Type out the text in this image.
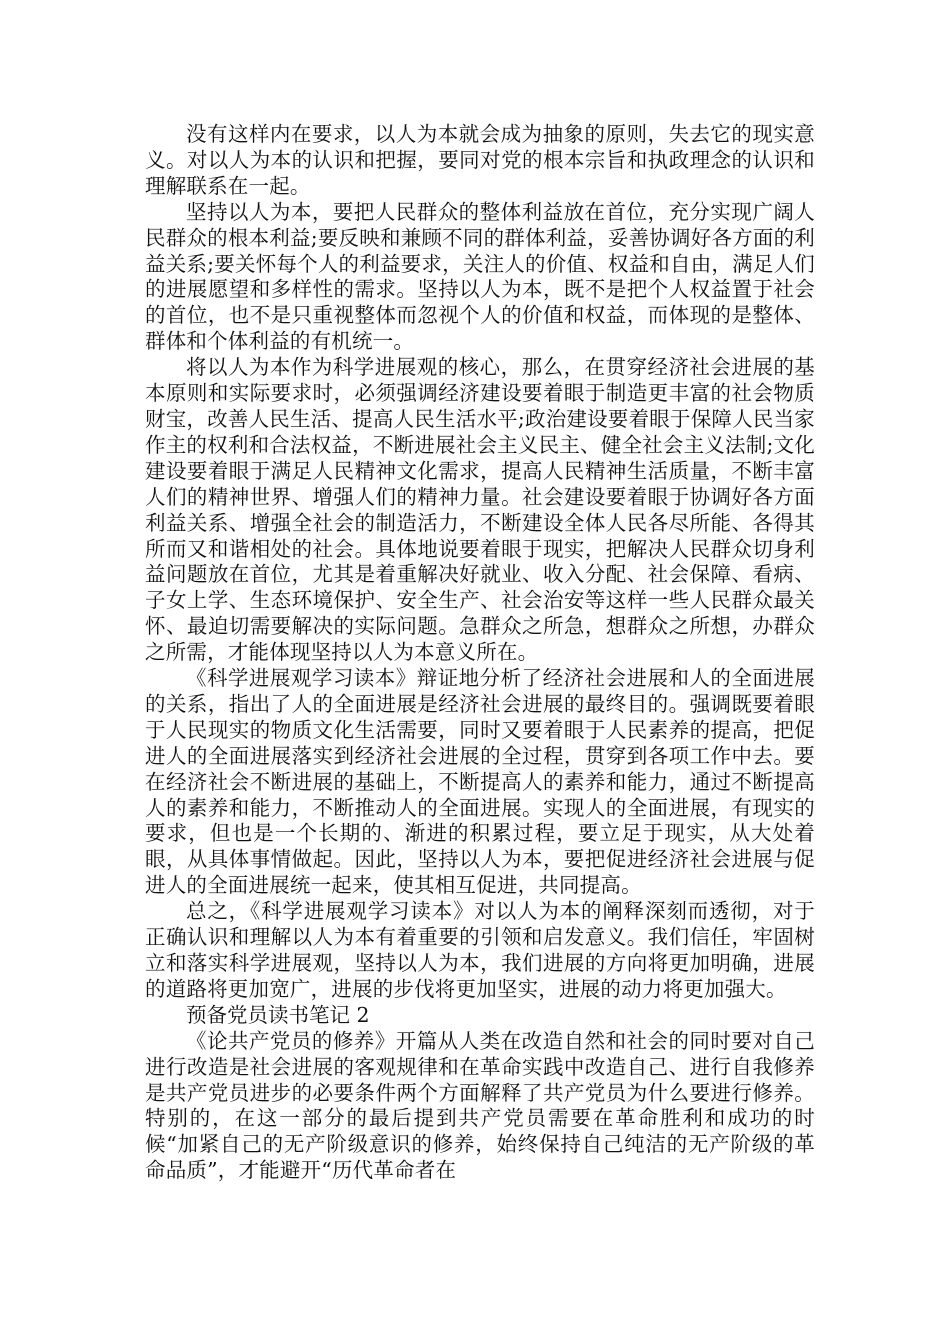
没有这样内在要求，以人为本就会成为抽象的原则，失去它的现实意义。对以人为本的认识和把握，要同对党的根本宗旨和执政理念的认识和理解联系在一起。

坚持以人为本，要把人民群众的整体利益放在首位，充分实现广阔人民群众的根本利益;要反映和兼顾不同的群体利益，妥善协调好各方面的利益关系;要关怀每个人的利益要求，关注人的价值、权益和自由，满足人们的进展愿望和多样性的需求。坚持以人为本，既不是把个人权益置于社会的首位，也不是只重视整体而忽视个人的价值和权益，而体现的是整体、群体和个体利益的有机统一。

将以人为本作为科学进展观的核心，那么，在贯穿经济社会进展的基本原则和实际要求时，必须强调经济建设要着眼于制造更丰富的社会物质财宝，改善人民生活、提高人民生活水平;政治建设要着眼于保障人民当家作主的权利和合法权益，不断进展社会主义民主、健全社会主义法制;文化建设要着眼于满足人民精神文化需求，提高人民精神生活质量，不断丰富人们的精神世界、增强人们的精神力量。社会建设要着眼于协调好各方面利益关系、增强全社会的制造活力，不断建设全体人民各尽所能、各得其所而又和谐相处的社会。具体地说要着眼于现实，把解决人民群众切身利益问题放在首位，尤其是着重解决好就业、收入分配、社会保障、看病、子女上学、生态环境保护、安全生产、社会治安等这样一些人民群众最关怀、最迫切需要解决的实际问题。急群众之所急，想群众之所想，办群众之所需，才能体现坚持以人为本意义所在。

《科学进展观学习读本》辩证地分析了经济社会进展和人的全面进展的关系，指出了人的全面进展是经济社会进展的最终目的。强调既要着眼于人民现实的物质文化生活需要，同时又要着眼于人民素养的提高，把促进人的全面进展落实到经济社会进展的全过程，贯穿到各项工作中去。要在经济社会不断进展的基础上，不断提高人的素养和能力，通过不断提高人的素养和能力，不断推动人的全面进展。实现人的全面进展，有现实的要求，但也是一个长期的、渐进的积累过程，要立足于现实，从大处着眼，从具体事情做起。因此，坚持以人为本，要把促进经济社会进展与促进人的全面进展统一起来，使其相互促进，共同提高。

总之，《科学进展观学习读本》对以人为本的阐释深刻而透彻，对于正确认识和理解以人为本有着重要的引领和启发意义。我们信任，牢固树立和落实科学进展观，坚持以人为本，我们进展的方向将更加明确，进展的道路将更加宽广，进展的步伐将更加坚实，进展的动力将更加强大。

预备党员读书笔记 2

《论共产党员的修养》开篇从人类在改造自然和社会的同时要对自己进行改造是社会进展的客观规律和在革命实践中改造自己、进行自我修养是共产党员进步的必要条件两个方面解释了共产党员为什么要进行修养。特别的，在这一部分的最后提到共产党员需要在革命胜利和成功的时候“加紧自己的无产阶级意识的修养，始终保持自己纯洁的无产阶级的革命品质”，才能避开“历代革命者在
